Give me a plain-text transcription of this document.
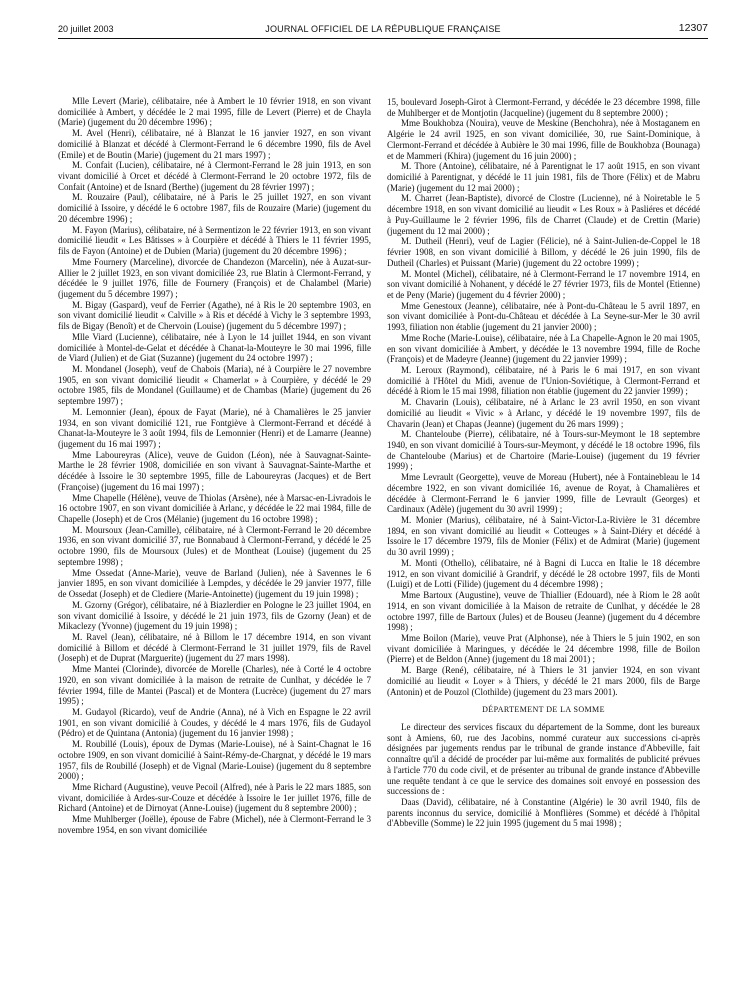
20 juillet 2003	JOURNAL OFFICIEL DE LA RÉPUBLIQUE FRANÇAISE	12307

Mlle Levert (Marie), célibataire, née à Ambert le 10 février 1918, en son vivant domiciliée à Ambert, y décédée le 2 mai 1995, fille de Levert (Pierre) et de Chayla (Marie) (jugement du 20 décembre 1996) ;

M. Avel (Henri), célibataire, né à Blanzat le 16 janvier 1927, en son vivant domicilié à Blanzat et décédé à Clermont-Ferrand le 6 décembre 1990, fils de Avel (Emile) et de Boutin (Marie) (jugement du 21 mars 1997) ;

M. Confait (Lucien), célibataire, né à Clermont-Ferrand le 28 juin 1913, en son vivant domicilié à Orcet et décédé à Clermont-Ferrand le 20 octobre 1972, fils de Confait (Antoine) et de Isnard (Berthe) (jugement du 28 février 1997) ;

M. Rouzaire (Paul), célibataire, né à Paris le 25 juillet 1927, en son vivant domicilié à Issoire, y décédé le 6 octobre 1987, fils de Rouzaire (Marie) (jugement du 20 décembre 1996) ;

M. Fayon (Marius), célibataire, né à Sermentizon le 22 février 1913, en son vivant domicilié lieudit « Les Bâtisses » à Courpière et décédé à Thiers le 11 février 1995, fils de Fayon (Antoine) et de Dubien (Maria) (jugement du 20 décembre 1996) ;

Mme Fournery (Marceline), divorcée de Chandezon (Marcelin), née à Auzat-sur-Allier le 2 juillet 1923, en son vivant domiciliée 23, rue Blatin à Clermont-Ferrand, y décédée le 9 juillet 1976, fille de Fournery (François) et de Chalambel (Marie) (jugement du 5 décembre 1997) ;

M. Bigay (Gaspard), veuf de Ferrier (Agathe), né à Ris le 20 septembre 1903, en son vivant domicilié lieudit « Calville » à Ris et décédé à Vichy le 3 septembre 1993, fils de Bigay (Benoît) et de Chervoin (Louise) (jugement du 5 décembre 1997) ;

Mlle Viard (Lucienne), célibataire, née à Lyon le 14 juillet 1944, en son vivant domiciliée à Montel-de-Gelat et décédée à Chanat-la-Mouteyre le 30 mai 1996, fille de Viard (Julien) et de Giat (Suzanne) (jugement du 24 octobre 1997) ;

M. Mondanel (Joseph), veuf de Chabois (Maria), né à Courpière le 27 novembre 1905, en son vivant domicilié lieudit « Chamerlat » à Courpière, y décédé le 29 octobre 1985, fils de Mondanel (Guillaume) et de Chambas (Marie) (jugement du 26 septembre 1997) ;

M. Lemonnier (Jean), époux de Fayat (Marie), né à Chamalières le 25 janvier 1934, en son vivant domicilié 121, rue Fontgiève à Clermont-Ferrand et décédé à Chanat-la-Mouteyre le 3 août 1994, fils de Lemonnier (Henri) et de Lamarre (Jeanne) (jugement du 16 mai 1997) ;

Mme Laboureyras (Alice), veuve de Guidon (Léon), née à Sauvagnat-Sainte-Marthe le 28 février 1908, domiciliée en son vivant à Sauvagnat-Sainte-Marthe et décédée à Issoire le 30 septembre 1995, fille de Laboureyras (Jacques) et de Bert (Françoise) (jugement du 16 mai 1997) ;

Mme Chapelle (Hélène), veuve de Thiolas (Arsène), née à Marsac-en-Livradois le 16 octobre 1907, en son vivant domiciliée à Arlanc, y décédée le 22 mai 1984, fille de Chapelle (Joseph) et de Cros (Mélanie) (jugement du 16 octobre 1998) ;

M. Moursoux (Jean-Camille), célibataire, né à Clermont-Ferrand le 20 décembre 1936, en son vivant domicilié 37, rue Bonnabaud à Clermont-Ferrand, y décédé le 25 octobre 1990, fils de Moursoux (Jules) et de Montheat (Louise) (jugement du 25 septembre 1998) ;

Mme Ossedat (Anne-Marie), veuve de Barland (Julien), née à Savennes le 6 janvier 1895, en son vivant domiciliée à Lempdes, y décédée le 29 janvier 1977, fille de Ossedat (Joseph) et de Clediere (Marie-Antoinette) (jugement du 19 juin 1998) ;

M. Gzorny (Grégor), célibataire, né à Biazlerdier en Pologne le 23 juillet 1904, en son vivant domicilié à Issoire, y décédé le 21 juin 1973, fils de Gzorny (Jean) et de Mikaclezy (Yvonne) (jugement du 19 juin 1998) ;

M. Ravel (Jean), célibataire, né à Billom le 17 décembre 1914, en son vivant domicilié à Billom et décédé à Clermont-Ferrand le 31 juillet 1979, fils de Ravel (Joseph) et de Duprat (Marguerite) (jugement du 27 mars 1998).

Mme Mantei (Clorinde), divorcée de Morelle (Charles), née à Corté le 4 octobre 1920, en son vivant domiciliée à la maison de retraite de Cunlhat, y décédée le 7 février 1994, fille de Mantei (Pascal) et de Montera (Lucrèce) (jugement du 27 mars 1995) ;

M. Gudayol (Ricardo), veuf de Andrie (Anna), né à Vich en Espagne le 22 avril 1901, en son vivant domicilié à Coudes, y décédé le 4 mars 1976, fils de Gudayol (Pédro) et de Quintana (Antonia) (jugement du 16 janvier 1998) ;

M. Roubillé (Louis), époux de Dymas (Marie-Louise), né à Saint-Chagnat le 16 octobre 1909, en son vivant domicilié à Saint-Rémy-de-Chargnat, y décédé le 19 mars 1957, fils de Roubillé (Joseph) et de Vignal (Marie-Louise) (jugement du 8 septembre 2000) ;

Mme Richard (Augustine), veuve Pecoil (Alfred), née à Paris le 22 mars 1885, son vivant, domiciliée à Ardes-sur-Couze et décédée à Issoire le 1er juillet 1976, fille de Richard (Antoine) et de Dirnoyat (Anne-Louise) (jugement du 8 septembre 2000) ;

Mme Muhlberger (Joëlle), épouse de Fabre (Michel), née à Clermont-Ferrand le 3 novembre 1954, en son vivant domiciliée

15, boulevard Joseph-Girot à Clermont-Ferrand, y décédée le 23 décembre 1998, fille de Muhlberger et de Montjotin (Jacqueline) (jugement du 8 septembre 2000) ;

Mme Boukhobza (Nouira), veuve de Meskine (Benchohra), née à Mostaganem en Algérie le 24 avril 1925, en son vivant domiciliée, 30, rue Saint-Dominique, à Clermont-Ferrand et décédée à Aubière le 30 mai 1996, fille de Boukhobza (Bounaga) et de Mammeri (Khira) (jugement du 16 juin 2000) ;

M. Thore (Antoine), célibataire, né à Parentignat le 17 août 1915, en son vivant domicilié à Parentignat, y décédé le 11 juin 1981, fils de Thore (Félix) et de Mabru (Marie) (jugement du 12 mai 2000) ;

M. Charret (Jean-Baptiste), divorcé de Clostre (Lucienne), né à Noiretable le 5 décembre 1918, en son vivant domicilié au lieudit « Les Roux » à Pasliéres et décédé à Puy-Guillaume le 2 février 1996, fils de Charret (Claude) et de Crettin (Marie) (jugement du 12 mai 2000) ;

M. Dutheil (Henri), veuf de Lagier (Félicie), né à Saint-Julien-de-Coppel le 18 février 1908, en son vivant domicilié à Billom, y décédé le 26 juin 1990, fils de Dutheil (Charles) et Puissant (Marie) (jugement du 22 octobre 1999) ;

M. Montel (Michel), célibataire, né à Clermont-Ferrand le 17 novembre 1914, en son vivant domicilié à Nohanent, y décédé le 27 février 1973, fils de Montel (Etienne) et de Peny (Marie) (jugement du 4 février 2000) ;

Mme Genestoux (Jeanne), célibataire, née à Pont-du-Château le 5 avril 1897, en son vivant domiciliée à Pont-du-Château et décédée à La Seyne-sur-Mer le 30 avril 1993, filiation non établie (jugement du 21 janvier 2000) ;

Mme Roche (Marie-Louise), célibataire, née à La Chapelle-Agnon le 20 mai 1905, en son vivant domiciliée à Ambert, y décédée le 13 novembre 1994, fille de Roche (François) et de Madeyre (Jeanne) (jugement du 22 janvier 1999) ;

M. Leroux (Raymond), célibataire, né à Paris le 6 mai 1917, en son vivant domicilié à l'Hôtel du Midi, avenue de l'Union-Soviétique, à Clermont-Ferrand et décédé à Riom le 15 mai 1998, filiation non établie (jugement du 22 janvier 1999) ;

M. Chavarin (Louis), célibataire, né à Arlanc le 23 avril 1950, en son vivant domicilié au lieudit « Vivic » à Arlanc, y décédé le 19 novembre 1997, fils de Chavarin (Jean) et Chapas (Jeanne) (jugement du 26 mars 1999) ;

M. Chanteloube (Pierre), célibataire, né à Tours-sur-Meymont le 18 septembre 1940, en son vivant domicilié à Tours-sur-Meymont, y décédé le 18 octobre 1996, fils de Chanteloube (Marius) et de Chartoire (Marie-Louise) (jugement du 19 février 1999) ;

Mme Levrault (Georgette), veuve de Moreau (Hubert), née à Fontainebleau le 14 décembre 1922, en son vivant domiciliée 16, avenue de Royat, à Chamalières et décédée à Clermont-Ferrand le 6 janvier 1999, fille de Levrault (Georges) et Cardinaux (Adèle) (jugement du 30 avril 1999) ;

M. Monier (Marius), célibataire, né à Saint-Victor-La-Rivière le 31 décembre 1894, en son vivant domicilié au lieudit « Cotteuges » à Saint-Diéry et décédé à Issoire le 17 décembre 1979, fils de Monier (Félix) et de Admirat (Marie) (jugement du 30 avril 1999) ;

M. Monti (Othello), célibataire, né à Bagni di Lucca en Italie le 18 décembre 1912, en son vivant domicilié à Grandrif, y décédé le 28 octobre 1997, fils de Monti (Luigi) et de Lotti (Filide) (jugement du 4 décembre 1998) ;

Mme Bartoux (Augustine), veuve de Thiallier (Edouard), née à Riom le 28 août 1914, en son vivant domiciliée à la Maison de retraite de Cunlhat, y décédée le 28 octobre 1997, fille de Bartoux (Jules) et de Bouseu (Jeanne) (jugement du 4 décembre 1998) ;

Mme Boilon (Marie), veuve Prat (Alphonse), née à Thiers le 5 juin 1902, en son vivant domiciliée à Maringues, y décédée le 24 décembre 1998, fille de Boilon (Pierre) et de Beldon (Anne) (jugement du 18 mai 2001) ;

M. Barge (René), célibataire, né à Thiers le 31 janvier 1924, en son vivant domicilié au lieudit « Loyer » à Thiers, y décédé le 21 mars 2000, fils de Barge (Antonin) et de Pouzol (Clothilde) (jugement du 23 mars 2001).

DÉPARTEMENT DE LA SOMME

Le directeur des services fiscaux du département de la Somme, dont les bureaux sont à Amiens, 60, rue des Jacobins, nommé curateur aux successions ci-après désignées par jugements rendus par le tribunal de grande instance d'Abbeville, fait connaître qu'il a décidé de procéder par lui-même aux formalités de publicité prévues à l'article 770 du code civil, et de présenter au tribunal de grande instance d'Abbeville une requête tendant à ce que le service des domaines soit envoyé en possession des successions de :

Daas (David), célibataire, né à Constantine (Algérie) le 30 avril 1940, fils de parents inconnus du service, domicilié à Monflières (Somme) et décédé à l'hôpital d'Abbeville (Somme) le 22 juin 1995 (jugement du 5 mai 1998) ;
